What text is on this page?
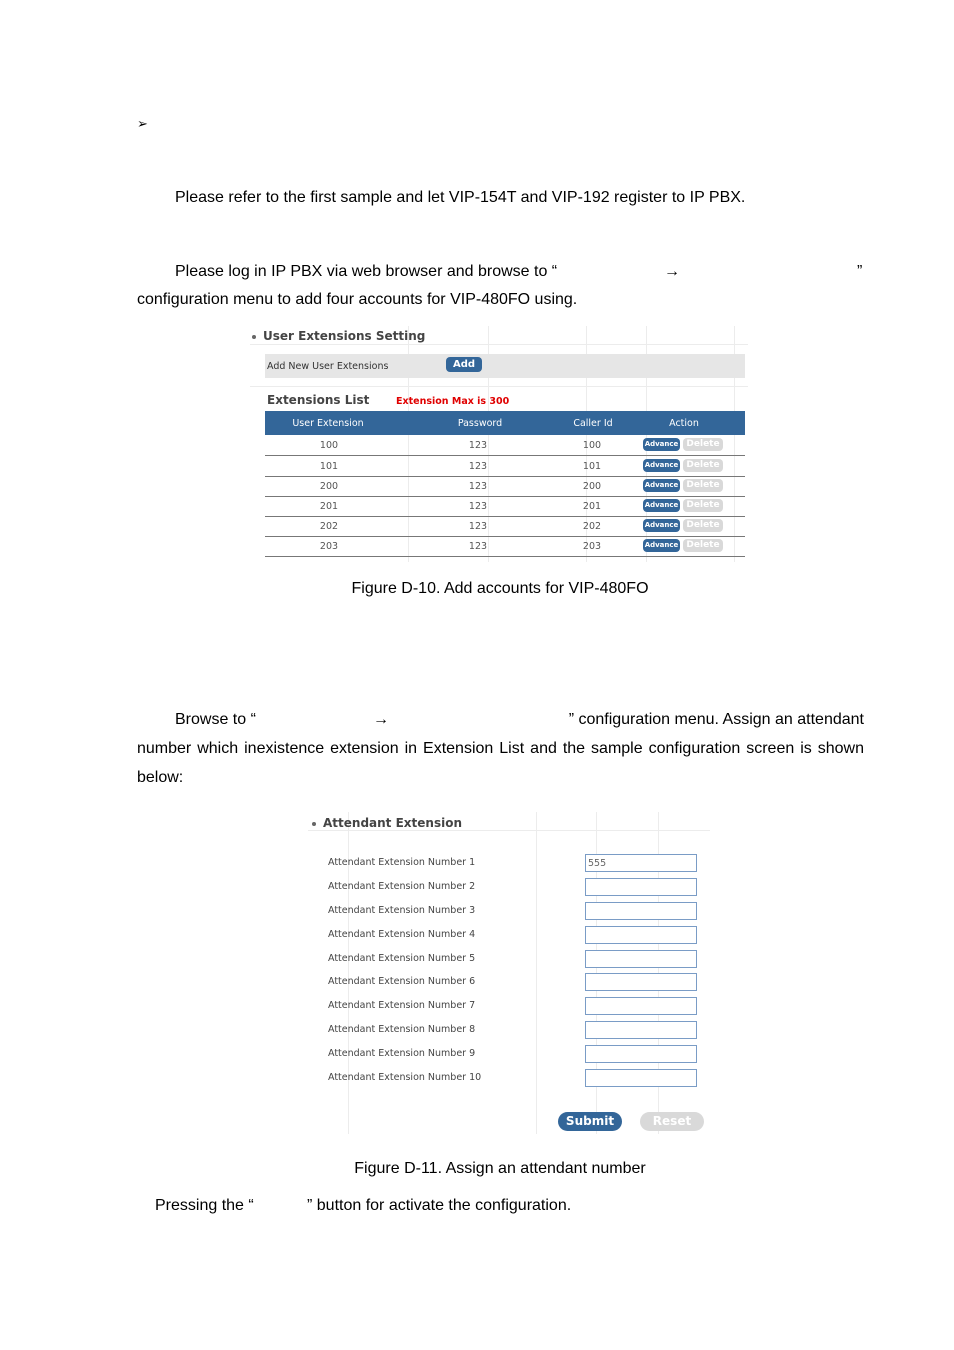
➢
Please refer to the first sample and let VIP-154T and VIP-192 register to IP PBX.
Please log in IP PBX via web browser and browse to “	→	”
configuration menu to add four accounts for VIP-480FO using.
User Extensions Setting
Add New User Extensions	Add
Extensions List	Extension Max is 300
User Extension	Password	Caller Id	Action
100	123	100	Advance Delete
101	123	101	Advance Delete
200	123	200	Advance Delete
201	123	201	Advance Delete
202	123	202	Advance Delete
203	123	203	Advance Delete
Figure D-10. Add accounts for VIP-480FO
Browse to “	→	” configuration menu. Assign an attendant
number which inexistence extension in Extension List and the sample configuration screen is shown
below:
Attendant Extension
Attendant Extension Number 1
555
Attendant Extension Number 2
Attendant Extension Number 3
Attendant Extension Number 4
Attendant Extension Number 5
Attendant Extension Number 6
Attendant Extension Number 7
Attendant Extension Number 8
Attendant Extension Number 9
Attendant Extension Number 10
Submit	Reset
Figure D-11. Assign an attendant number
Pressing the “	” button for activate the configuration.
